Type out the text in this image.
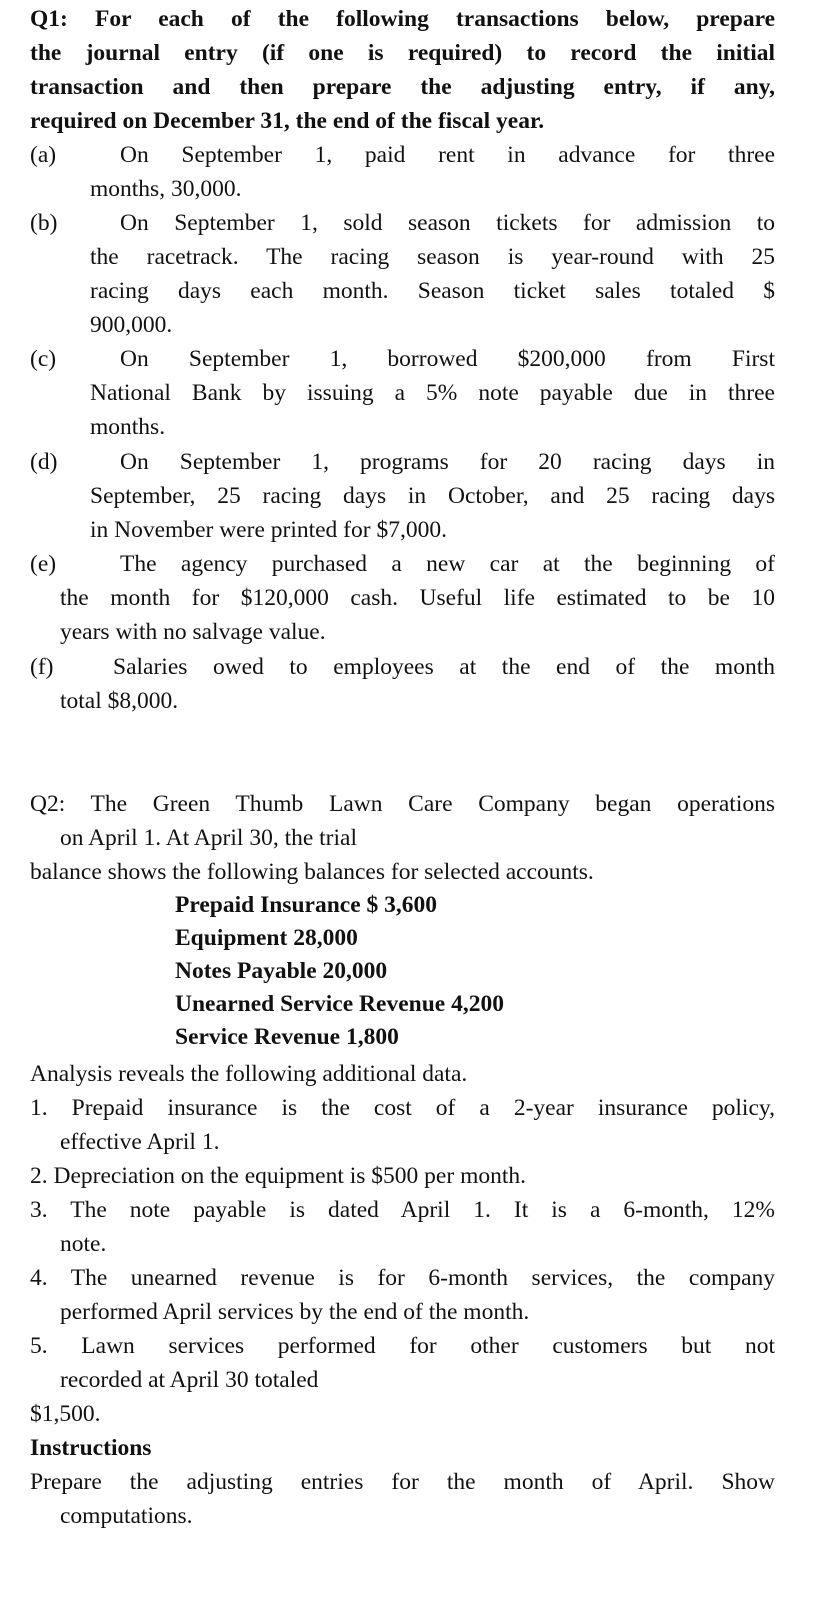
Q1: For each of the following transactions below, prepare
the journal entry (if one is required) to record the initial
transaction and then prepare the adjusting entry, if any,
required on December 31, the end of the fiscal year.
(a)	On September 1, paid rent in advance for three
months, 30,000.
(b)	On September 1, sold season tickets for admission to
the racetrack. The racing season is year-round with 25
racing days each month. Season ticket sales totaled $
900,000.
(c)	On September 1, borrowed $200,000 from First
National Bank by issuing a 5% note payable due in three
months.
(d)	On September 1, programs for 20 racing days in
September, 25 racing days in October, and 25 racing days
in November were printed for $7,000.
(e)	The agency purchased a new car at the beginning of
the month for $120,000 cash. Useful life estimated to be 10
years with no salvage value.
(f)	Salaries owed to employees at the end of the month
total $8,000.
Q2: The Green Thumb Lawn Care Company began operations
on April 1. At April 30, the trial
balance shows the following balances for selected accounts.
Prepaid Insurance $ 3,600
Equipment 28,000
Notes Payable 20,000
Unearned Service Revenue 4,200
Service Revenue 1,800
Analysis reveals the following additional data.
1. Prepaid insurance is the cost of a 2-year insurance policy,
effective April 1.
2. Depreciation on the equipment is $500 per month.
3. The note payable is dated April 1. It is a 6-month, 12%
note.
4. The unearned revenue is for 6-month services, the company
performed April services by the end of the month.
5. Lawn services performed for other customers but not
recorded at April 30 totaled
$1,500.
Instructions
Prepare the adjusting entries for the month of April. Show
computations.
